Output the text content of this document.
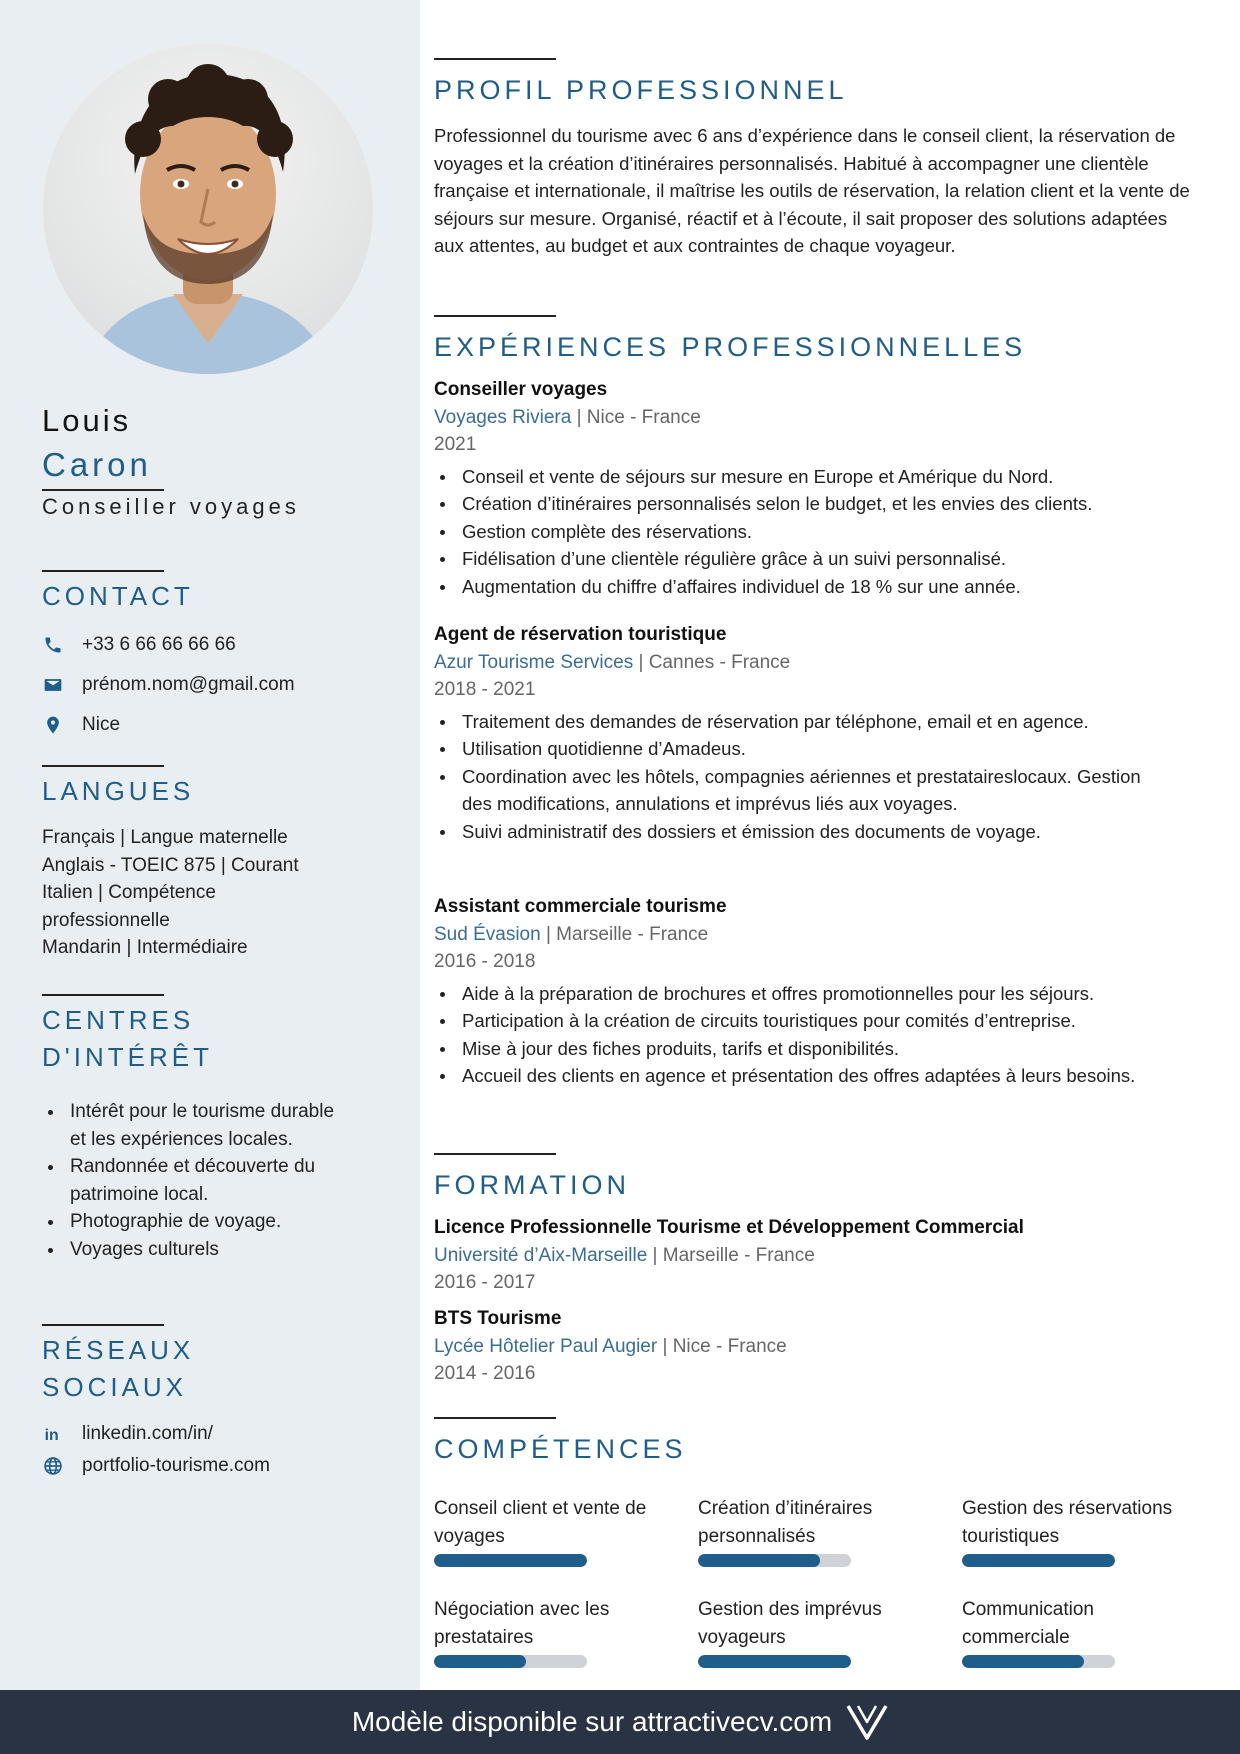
Louis
Caron
Conseiller voyages
CONTACT
+33 6 66 66 66 66
prénom.nom@gmail.com
Nice
LANGUES
Français | Langue maternelle
Anglais - TOEIC 875 | Courant
Italien | Compétence
professionnelle
Mandarin | Intermédiaire
CENTRES
D'INTÉRÊT
Intérêt pour le tourisme durable et les expériences locales.
Randonnée et découverte du patrimoine local.
Photographie de voyage.
Voyages culturels
RÉSEAUX
SOCIAUX
in linkedin.com/in/
portfolio-tourisme.com
PROFIL PROFESSIONNEL
Professionnel du tourisme avec 6 ans d’expérience dans le conseil client, la réservation de voyages et la création d’itinéraires personnalisés. Habitué à accompagner une clientèle française et internationale, il maîtrise les outils de réservation, la relation client et la vente de séjours sur mesure. Organisé, réactif et à l’écoute, il sait proposer des solutions adaptées aux attentes, au budget et aux contraintes de chaque voyageur.
EXPÉRIENCES PROFESSIONNELLES
Conseiller voyages
Voyages Riviera | Nice - France
2021
Conseil et vente de séjours sur mesure en Europe et Amérique du Nord.
Création d’itinéraires personnalisés selon le budget, et les envies des clients.
Gestion complète des réservations.
Fidélisation d’une clientèle régulière grâce à un suivi personnalisé.
Augmentation du chiffre d’affaires individuel de 18 % sur une année.
Agent de réservation touristique
Azur Tourisme Services | Cannes - France
2018 - 2021
Traitement des demandes de réservation par téléphone, email et en agence.
Utilisation quotidienne d’Amadeus.
Coordination avec les hôtels, compagnies aériennes et prestataireslocaux. Gestion des modifications, annulations et imprévus liés aux voyages.
Suivi administratif des dossiers et émission des documents de voyage.
Assistant commerciale tourisme
Sud Évasion | Marseille - France
2016 - 2018
Aide à la préparation de brochures et offres promotionnelles pour les séjours.
Participation à la création de circuits touristiques pour comités d’entreprise.
Mise à jour des fiches produits, tarifs et disponibilités.
Accueil des clients en agence et présentation des offres adaptées à leurs besoins.
FORMATION
Licence Professionnelle Tourisme et Développement Commercial
Université d’Aix-Marseille | Marseille - France
2016 - 2017
BTS Tourisme
Lycée Hôtelier Paul Augier | Nice - France
2014 - 2016
COMPÉTENCES
Conseil client et vente de voyages
Création d’itinéraires personnalisés
Gestion des réservations touristiques
Négociation avec les prestataires
Gestion des imprévus voyageurs
Communication commerciale
Modèle disponible sur attractivecv.com
